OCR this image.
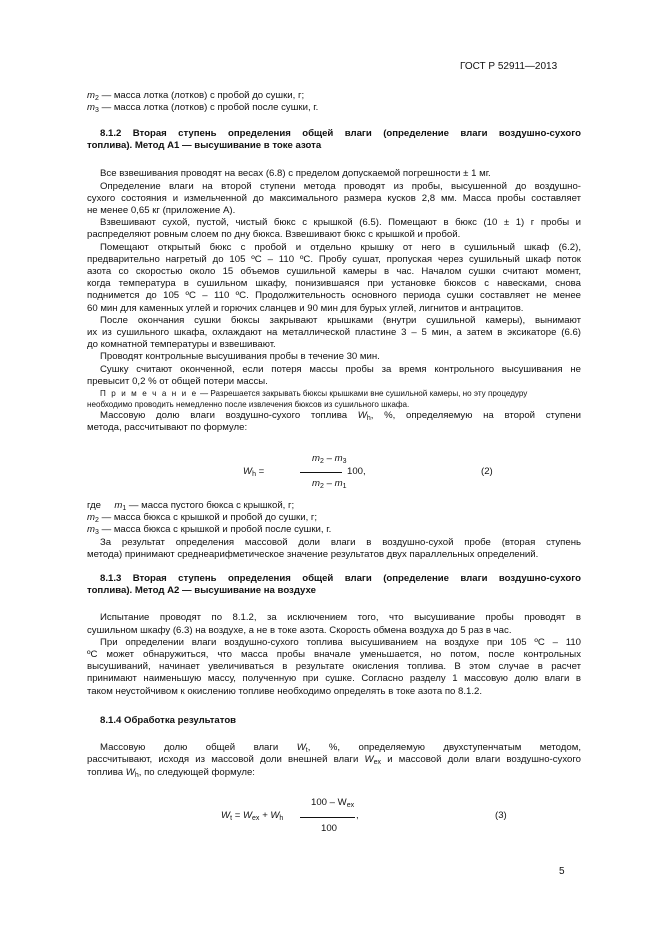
ГОСТ Р 52911—2013
$m_2$ — масса лотка (лотков) с пробой до сушки, г;
$m_3$ — масса лотка (лотков) с пробой после сушки, г.
8.1.2 Вторая ступень определения общей влаги (определение влаги воздушно-сухого
топлива). Метод А1 — высушивание в токе азота
Все взвешивания проводят на весах (6.8) с пределом допускаемой погрешности ± 1 мг.
Определение влаги на второй ступени метода проводят из пробы, высушенной до воздушно-
сухого состояния и измельченной до максимального размера кусков 2,8 мм. Масса пробы составляет
не менее 0,65 кг (приложение А).
Взвешивают сухой, пустой, чистый бюкс с крышкой (6.5). Помещают в бюкс (10 ± 1) г пробы и
распределяют ровным слоем по дну бюкса. Взвешивают бюкс с крышкой и пробой.
Помещают открытый бюкс с пробой и отдельно крышку от него в сушильный шкаф (6.2),
предварительно нагретый до 105 ºС – 110 ºС. Пробу сушат, пропуская через сушильный шкаф поток
азота со скоростью около 15 объемов сушильной камеры в час. Началом сушки считают момент,
когда температура в сушильном шкафу, понизившаяся при установке бюксов с навесками, снова
поднимется до 105 ºС – 110 ºС. Продолжительность основного периода сушки составляет не менее
60 мин для каменных углей и горючих сланцев и 90 мин для бурых углей, лигнитов и антрацитов.
После окончания сушки бюксы закрывают крышками (внутри сушильной камеры), вынимают
их из сушильного шкафа, охлаждают на металлической пластине 3 – 5 мин, а затем в эксикаторе (6.6)
до комнатной температуры и взвешивают.
Проводят контрольные высушивания пробы в течение 30 мин.
Сушку считают оконченной, если потеря массы пробы за время контрольного высушивания не
превысит 0,2 % от общей потери массы.
П р и м е ч а н и е — Разрешается закрывать бюксы крышками вне сушильной камеры, но эту процедуру
необходимо проводить немедленно после извлечения бюксов из сушильного шкафа.
Массовую долю влаги воздушно-сухого топлива $W_h$, %, определяемую на второй ступени
метода, рассчитывают по формуле:
$m_2 - m_3$
$W_h$ =	100,
$m_2 - m_1$
(2)
где $m_1$ — масса пустого бюкса с крышкой, г;
$m_2$ — масса бюкса с крышкой и пробой до сушки, г;
$m_3$ — масса бюкса с крышкой и пробой после сушки, г.
За результат определения массовой доли влаги в воздушно-сухой пробе (вторая ступень
метода) принимают среднеарифметическое значение результатов двух параллельных определений.
8.1.3 Вторая ступень определения общей влаги (определение влаги воздушно-сухого
топлива). Метод А2 — высушивание на воздухе
Испытание проводят по 8.1.2, за исключением того, что высушивание пробы проводят в
сушильном шкафу (6.3) на воздухе, а не в токе азота. Скорость обмена воздуха до 5 раз в час.
При определении влаги воздушно-сухого топлива высушиванием на воздухе при 105 ºС – 110
ºС может обнаружиться, что масса пробы вначале уменьшается, но потом, после контрольных
высушиваний, начинает увеличиваться в результате окисления топлива. В этом случае в расчет
принимают наименьшую массу, полученную при сушке. Согласно разделу 1 массовую долю влаги в
таком неустойчивом к окислению топливе необходимо определять в токе азота по 8.1.2.
8.1.4 Обработка результатов
Массовую долю общей влаги $W_t$, %, определяемую двухступенчатым методом,
рассчитывают, исходя из массовой доли внешней влаги $W_{ex}$ и массовой доли влаги воздушно-сухого
топлива $W_h$, по следующей формуле:
$100 - W_{ex}$
$W_t = W_{ex} + W_h$	,
100
(3)
5
